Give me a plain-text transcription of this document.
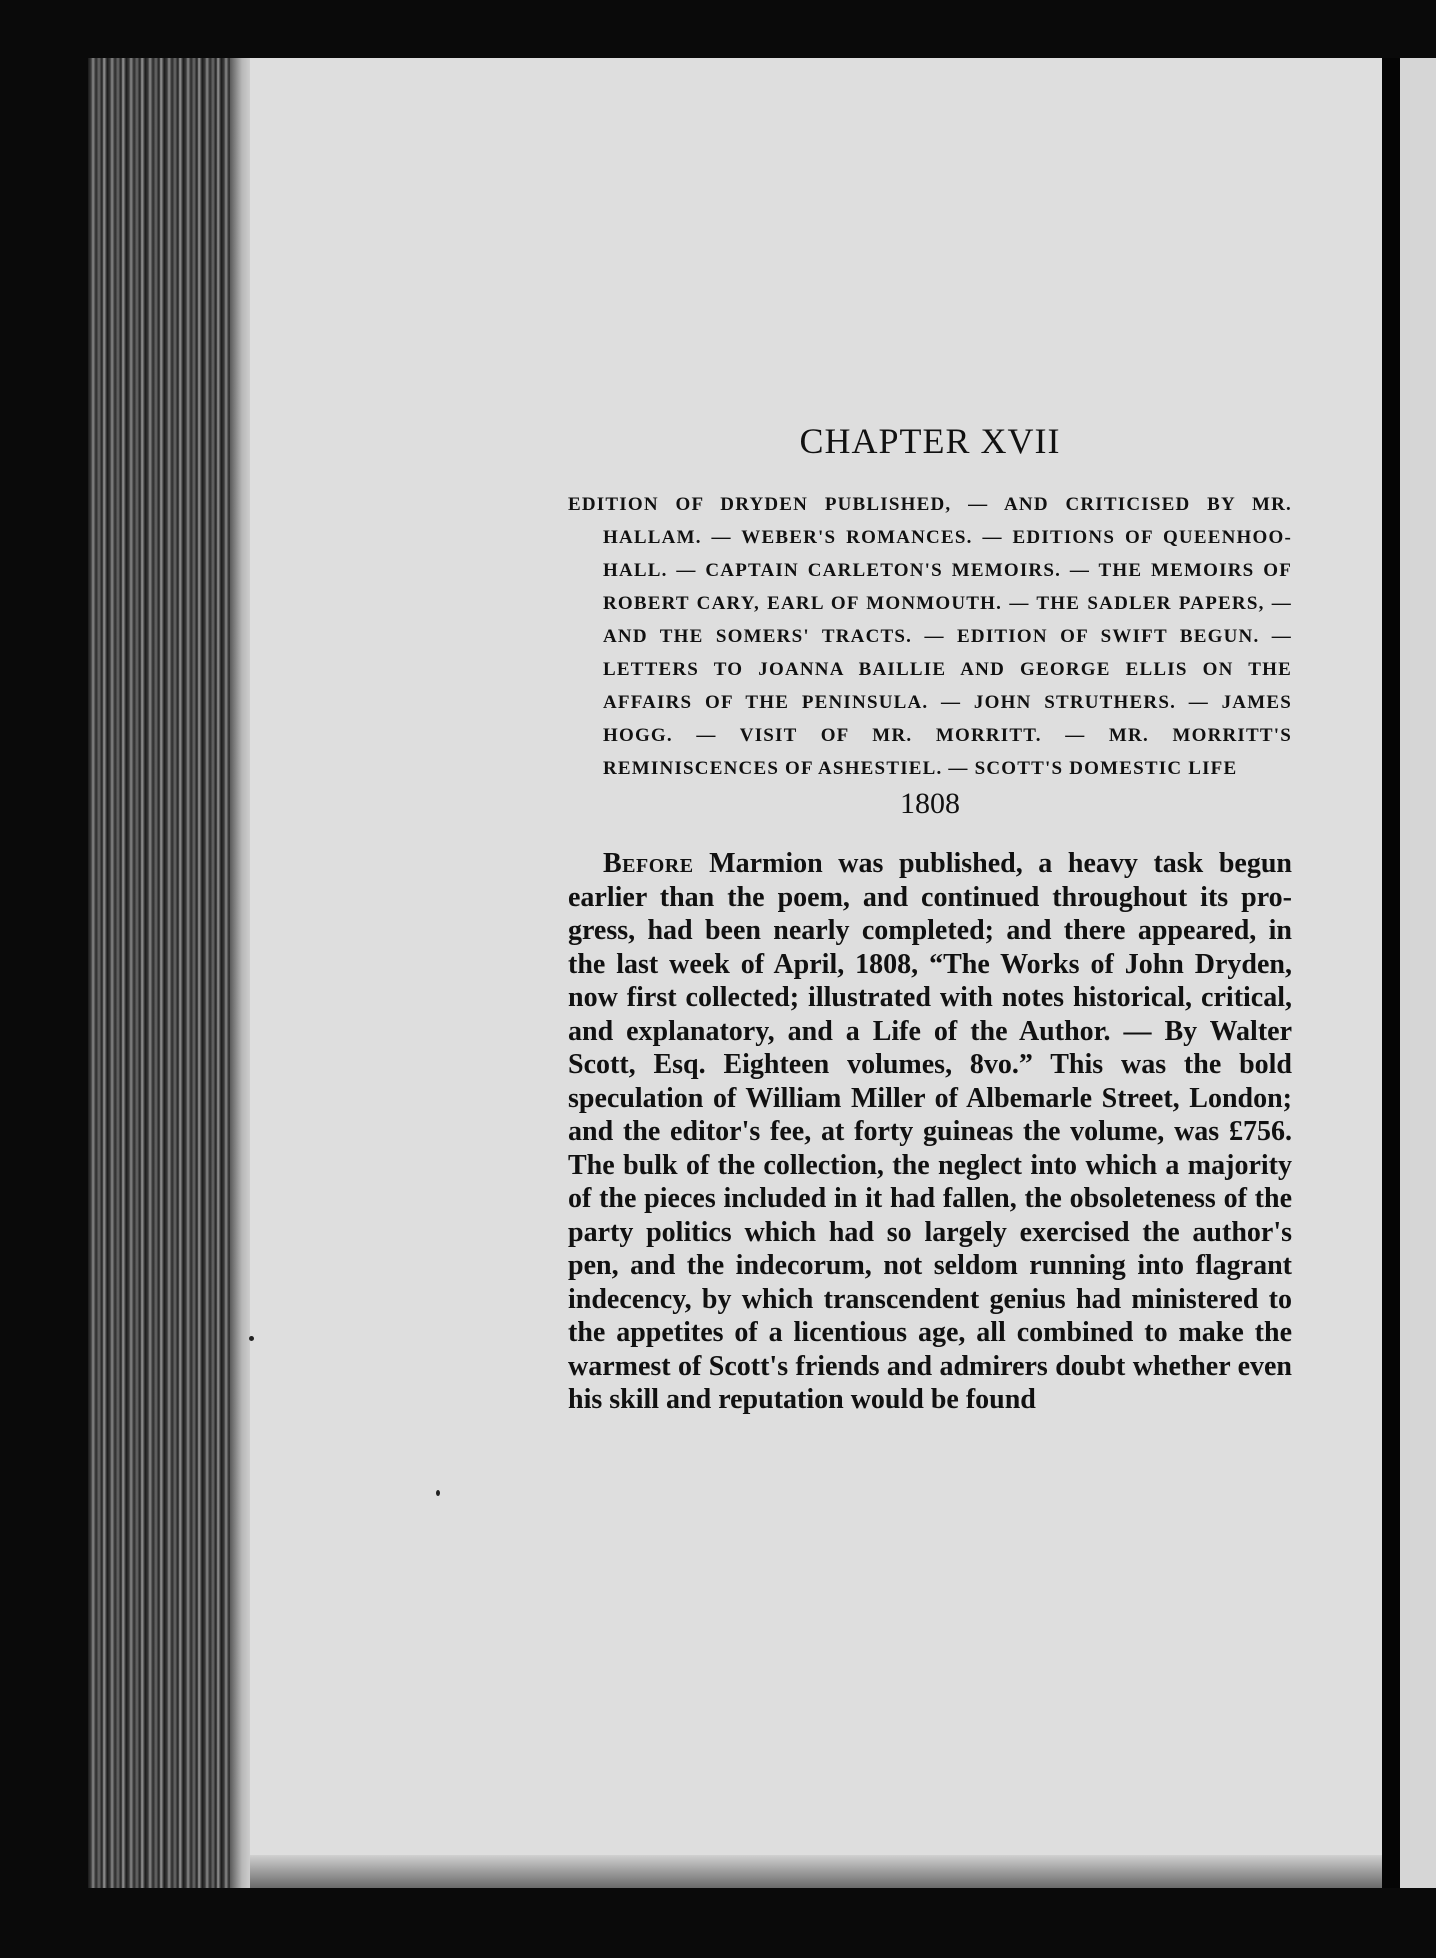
CHAPTER XVII

EDITION OF DRYDEN PUBLISHED, — AND CRITICISED BY MR. HALLAM. — WEBER'S ROMANCES. — EDITIONS OF QUEENHOO-HALL. — CAPTAIN CARLETON'S MEMOIRS. — THE MEMOIRS OF ROBERT CARY, EARL OF MONMOUTH. — THE SADLER PAPERS, — AND THE SOMERS' TRACTS. — EDITION OF SWIFT BEGUN. — LETTERS TO JOANNA BAILLIE AND GEORGE ELLIS ON THE AFFAIRS OF THE PENINSULA. — JOHN STRUTHERS. — JAMES HOGG. — VISIT OF MR. MORRITT. — MR. MORRITT'S REMINISCENCES OF ASHESTIEL. — SCOTT'S DOMESTIC LIFE

1808

Before Marmion was published, a heavy task begun earlier than the poem, and continued throughout its progress, had been nearly completed; and there appeared, in the last week of April, 1808, “The Works of John Dryden, now first collected; illustrated with notes historical, critical, and explanatory, and a Life of the Author. — By Walter Scott, Esq. Eighteen volumes, 8vo.” This was the bold speculation of William Miller of Albemarle Street, London; and the editor's fee, at forty guineas the volume, was £756. The bulk of the collection, the neglect into which a majority of the pieces included in it had fallen, the obsoleteness of the party politics which had so largely exercised the author's pen, and the indecorum, not seldom running into flagrant indecency, by which transcendent genius had ministered to the appetites of a licentious age, all combined to make the warmest of Scott's friends and admirers doubt whether even his skill and reputation would be found
